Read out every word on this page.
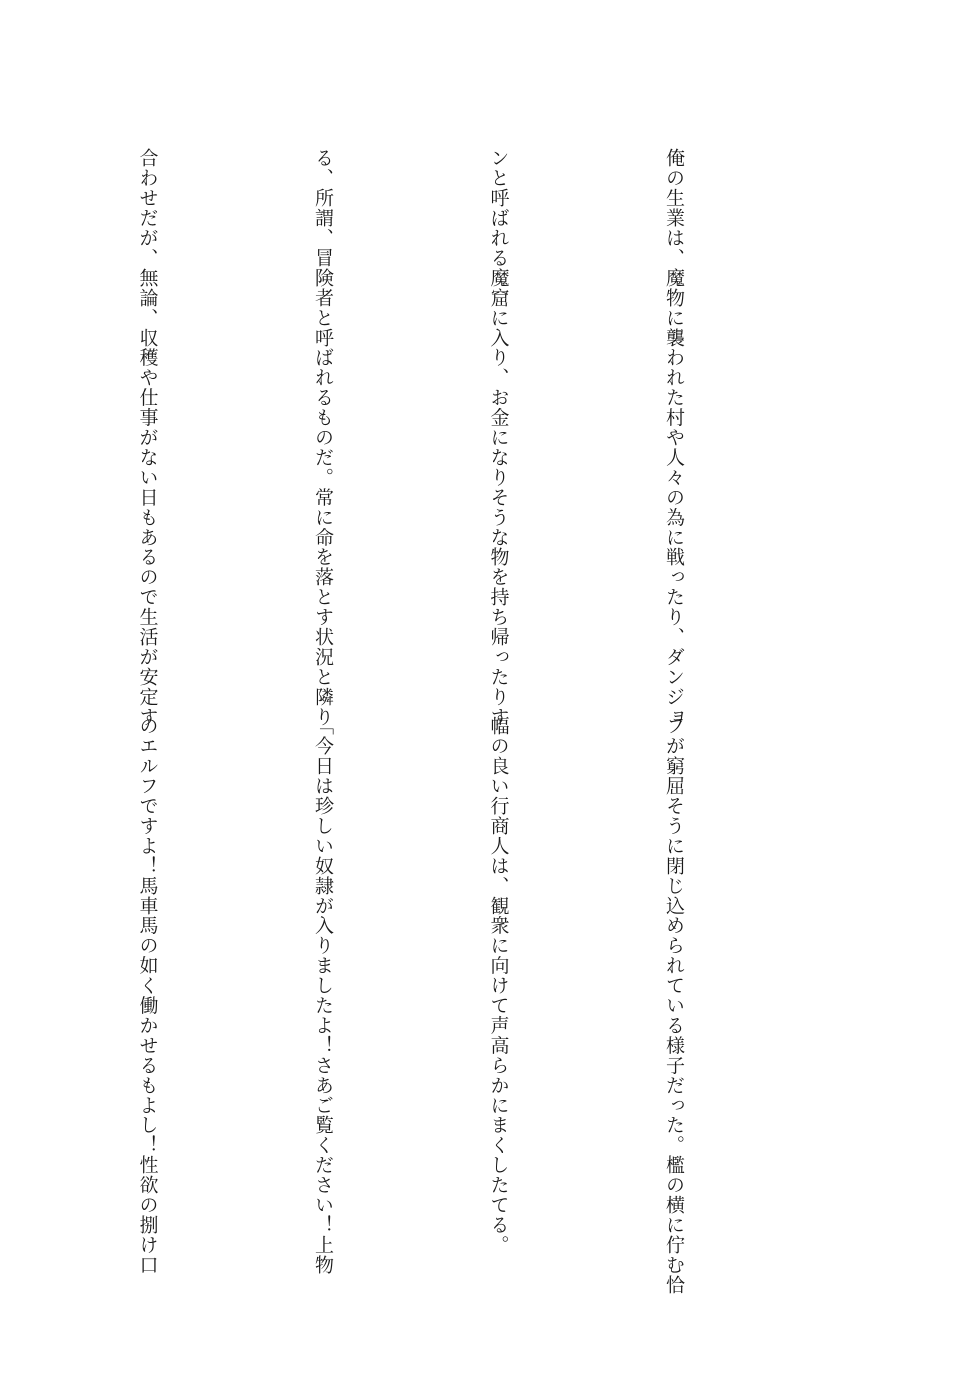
俺の生業は、魔物に襲われた村や人々の為に戦ったり、ダンジョ

ンと呼ばれる魔窟に入り、お金になりそうな物を持ち帰ったりす

る、所謂、冒険者と呼ばれるものだ。常に命を落とす状況と隣り

合わせだが、無論、収穫や仕事がない日もあるので生活が安定す

フが窮屈そうに閉じ込められている様子だった。檻の横に佇む恰

幅の良い行商人は、観衆に向けて声高らかにまくしたてる。

「今日は珍しい奴隷が入りましたよ！さあご覧ください！上物

のエルフですよ！馬車馬の如く働かせるもよし！性欲の捌け口
